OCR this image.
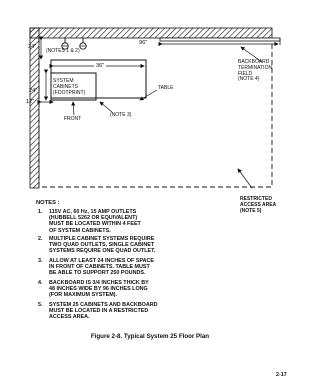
96"
24"
(NOTES 1 & 2)
36"
SYSTEM
CABINETS
(FOOTPRINT)
24"	TABLE
12"
FRONT
(NOTE 3)
BACKBOARD
TERMINATION
FIELD
(NOTE 4)
RESTRICTED
ACCESS AREA
(NOTE 5)
NOTES :
1. 115V AC, 60 Hz, 15 AMP OUTLETS
(HUBBELL 5262 OR EQUIVALENT)
MUST BE LOCATED WITHIN 4 FEET
OF SYSTEM CABINETS.
2. MULTIPLE CABINET SYSTEMS REQUIRE
TWO QUAD OUTLETS, SINGLE CABINET
SYSTEMS REQUIRE ONE QUAD OUTLET.
3. ALLOW AT LEAST 24 INCHES OF SPACE
IN FRONT OF CABINETS. TABLE MUST
BE ABLE TO SUPPORT 250 POUNDS.
4. BACKBOARD IS 3/4 INCHES THICK BY
48 INCHES WIDE BY 96 INCHES LONG
(FOR MAXIMUM SYSTEM).
5. SYSTEM 25 CABINETS AND BACKBOARD
MUST BE LOCATED IN A RESTRICTED
ACCESS AREA.
Figure 2-8. Typical System 25 Floor Plan
2-17
